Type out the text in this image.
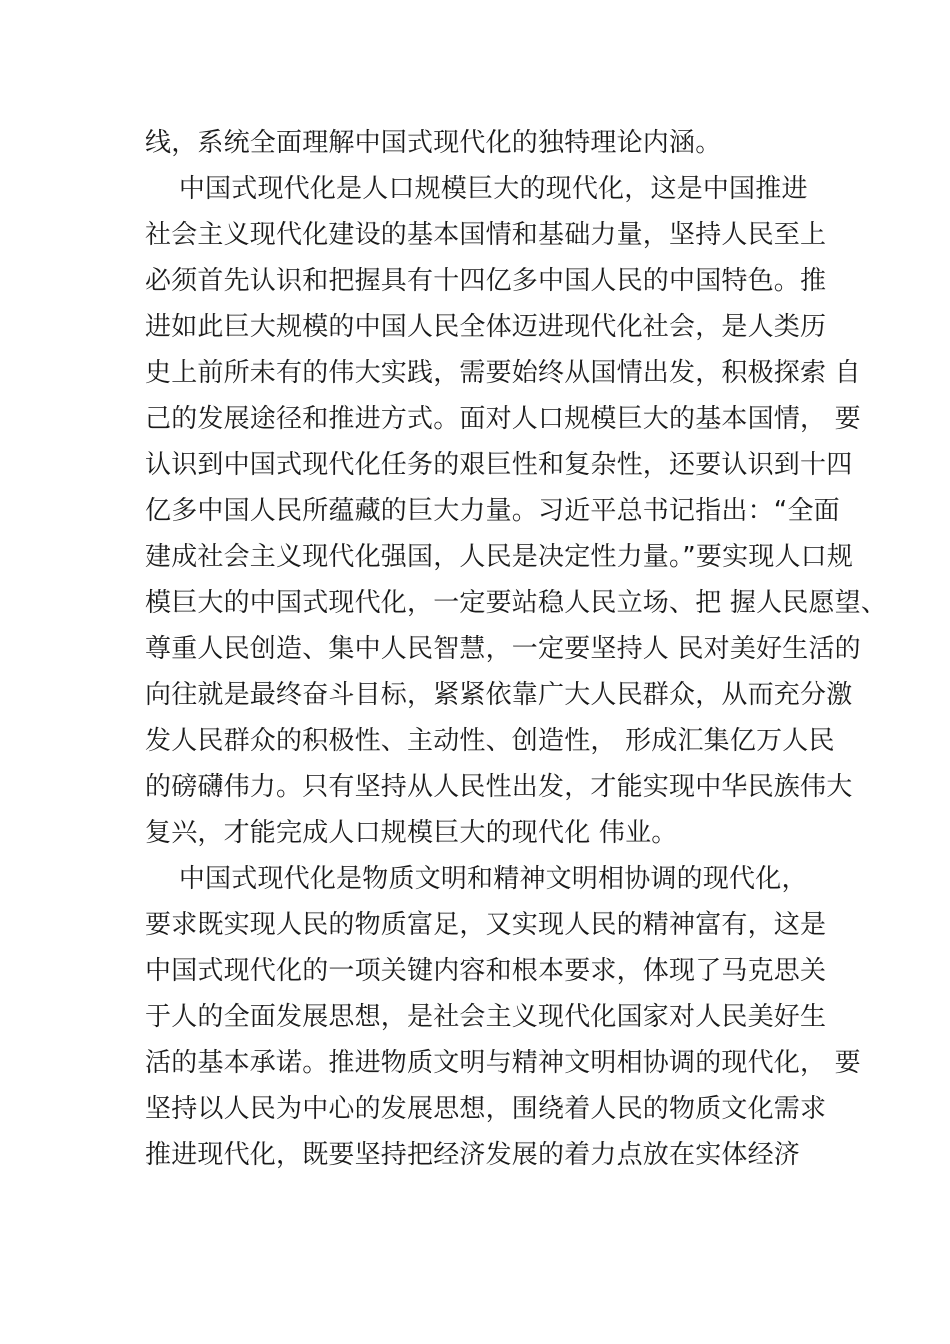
线，系统全面理解中国式现代化的独特理论内涵。
中国式现代化是人口规模巨大的现代化，这是中国推进
社会主义现代化建设的基本国情和基础力量，坚持人民至上
必须首先认识和把握具有十四亿多中国人民的中国特色。推
进如此巨大规模的中国人民全体迈进现代化社会，是人类历
史上前所未有的伟大实践，需要始终从国情出发，积极探索 自
己的发展途径和推进方式。面对人口规模巨大的基本国情， 要
认识到中国式现代化任务的艰巨性和复杂性，还要认识到十四
亿多中国人民所蕴藏的巨大力量。习近平总书记指出：“全面
建成社会主义现代化强国，人民是决定性力量。”要实现人口规
模巨大的中国式现代化，一定要站稳人民立场、把 握人民愿望、
尊重人民创造、集中人民智慧，一定要坚持人 民对美好生活的
向往就是最终奋斗目标，紧紧依靠广大人民群众，从而充分激
发人民群众的积极性、主动性、创造性， 形成汇集亿万人民
的磅礴伟力。只有坚持从人民性出发，才能实现中华民族伟大
复兴，才能完成人口规模巨大的现代化 伟业。
中国式现代化是物质文明和精神文明相协调的现代化，
要求既实现人民的物质富足，又实现人民的精神富有，这是
中国式现代化的一项关键内容和根本要求，体现了马克思关
于人的全面发展思想，是社会主义现代化国家对人民美好生
活的基本承诺。推进物质文明与精神文明相协调的现代化， 要
坚持以人民为中心的发展思想，围绕着人民的物质文化需求
推进现代化，既要坚持把经济发展的着力点放在实体经济
